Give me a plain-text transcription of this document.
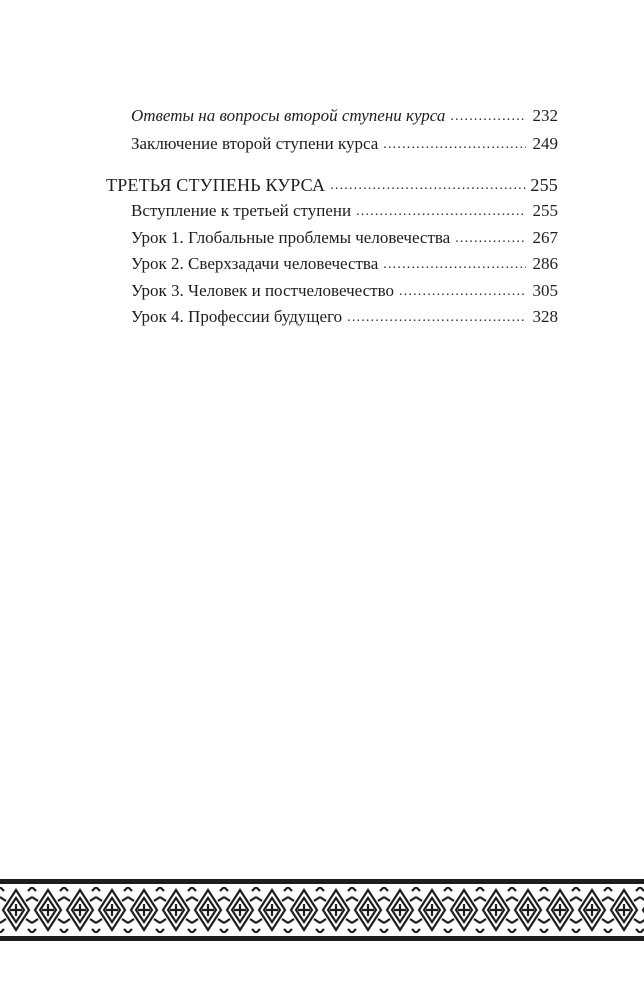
Ответы на вопросы второй ступени курса .....	232
Заключение второй ступени курса .....	249
ТРЕТЬЯ СТУПЕНЬ КУРСА .....	255
Вступление к третьей ступени .....	255
Урок 1. Глобальные проблемы человечества .....	267
Урок 2. Сверхзадачи человечества .....	286
Урок 3. Человек и постчеловечество .....	305
Урок 4. Профессии будущего .....	328
